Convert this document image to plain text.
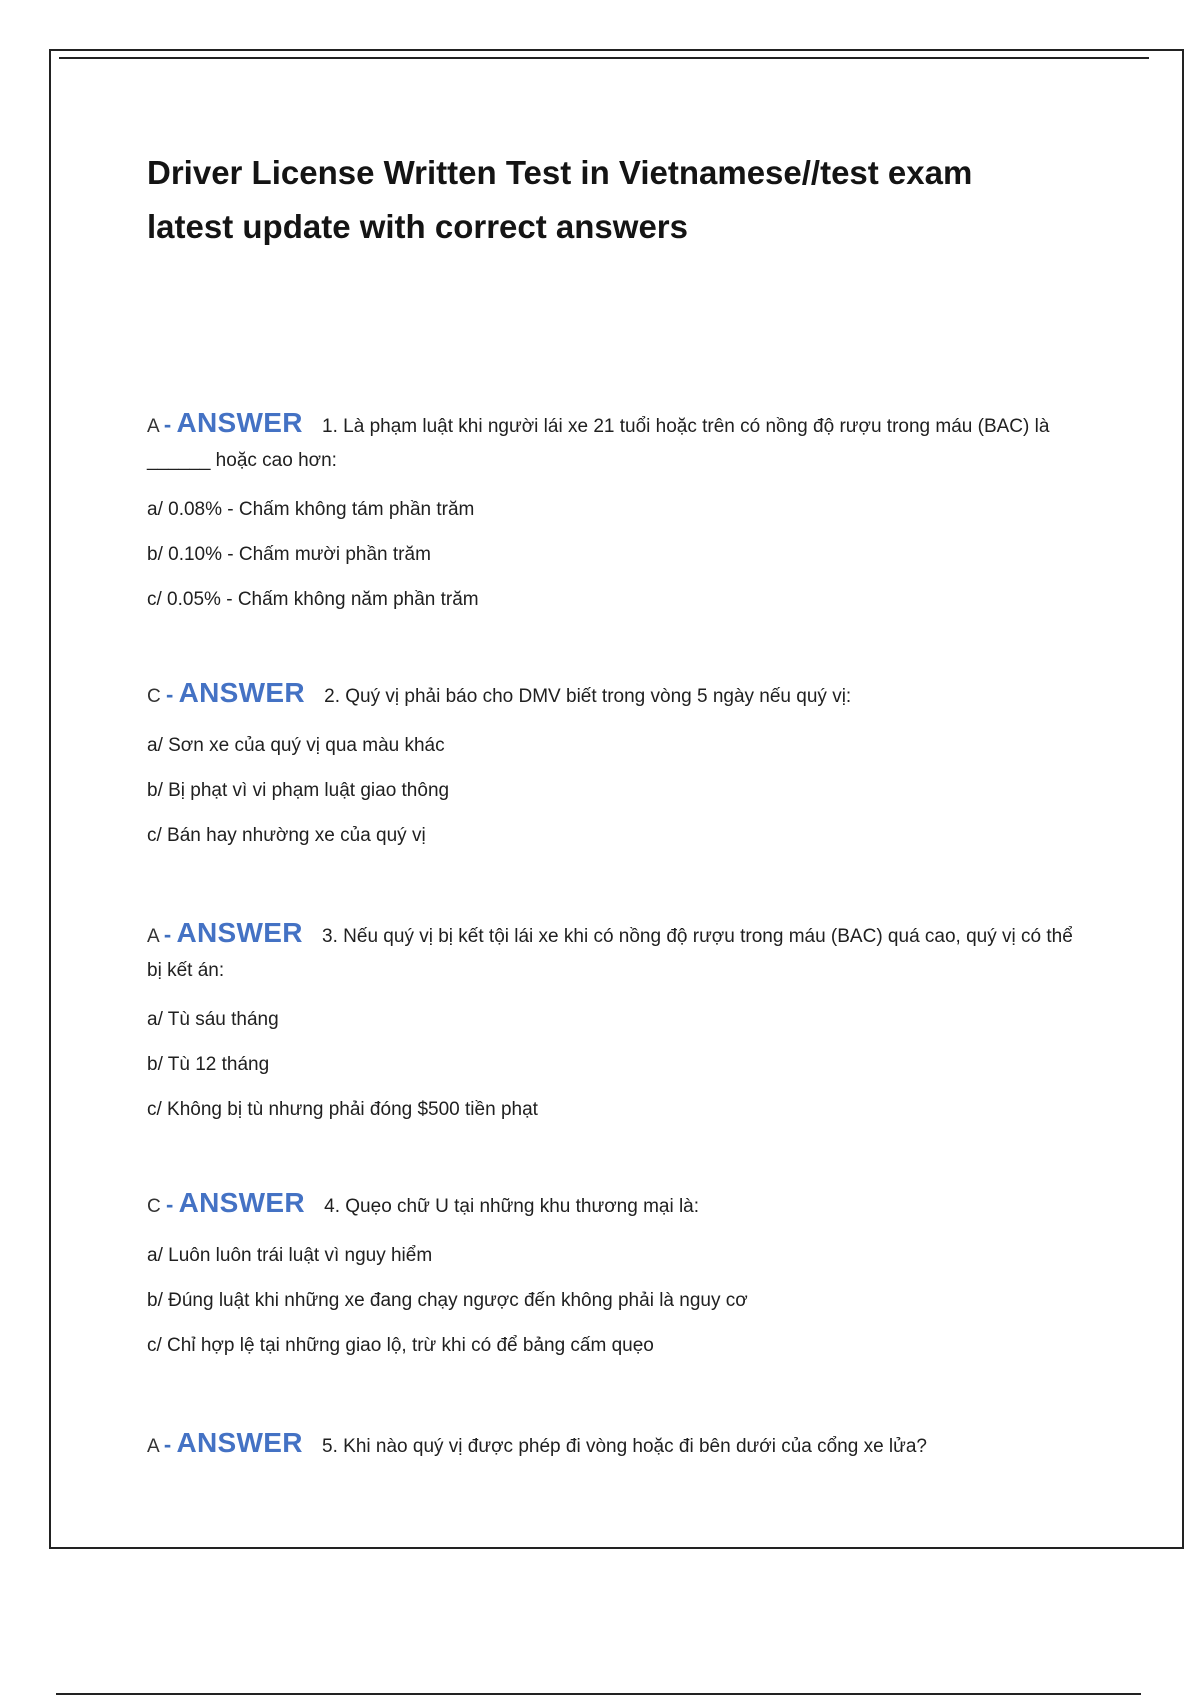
Driver License Written Test in Vietnamese//test exam
latest update with correct answers
A - ANSWER 1. Là phạm luật khi người lái xe 21 tuổi hoặc trên có nồng độ rượu trong máu (BAC) là ______ hoặc cao hơn:
a/ 0.08% - Chấm không tám phần trăm
b/ 0.10% - Chấm mười phần trăm
c/ 0.05% - Chấm không năm phần trăm
C - ANSWER 2. Quý vị phải báo cho DMV biết trong vòng 5 ngày nếu quý vị:
a/ Sơn xe của quý vị qua màu khác
b/ Bị phạt vì vi phạm luật giao thông
c/ Bán hay nhường xe của quý vị
A - ANSWER 3. Nếu quý vị bị kết tội lái xe khi có nồng độ rượu trong máu (BAC) quá cao, quý vị có thể bị kết án:
a/ Tù sáu tháng
b/ Tù 12 tháng
c/ Không bị tù nhưng phải đóng $500 tiền phạt
C - ANSWER 4. Quẹo chữ U tại những khu thương mại là:
a/ Luôn luôn trái luật vì nguy hiểm
b/ Đúng luật khi những xe đang chạy ngược đến không phải là nguy cơ
c/ Chỉ hợp lệ tại những giao lộ, trừ khi có để bảng cấm quẹo
A - ANSWER 5. Khi nào quý vị được phép đi vòng hoặc đi bên dưới của cổng xe lửa?
